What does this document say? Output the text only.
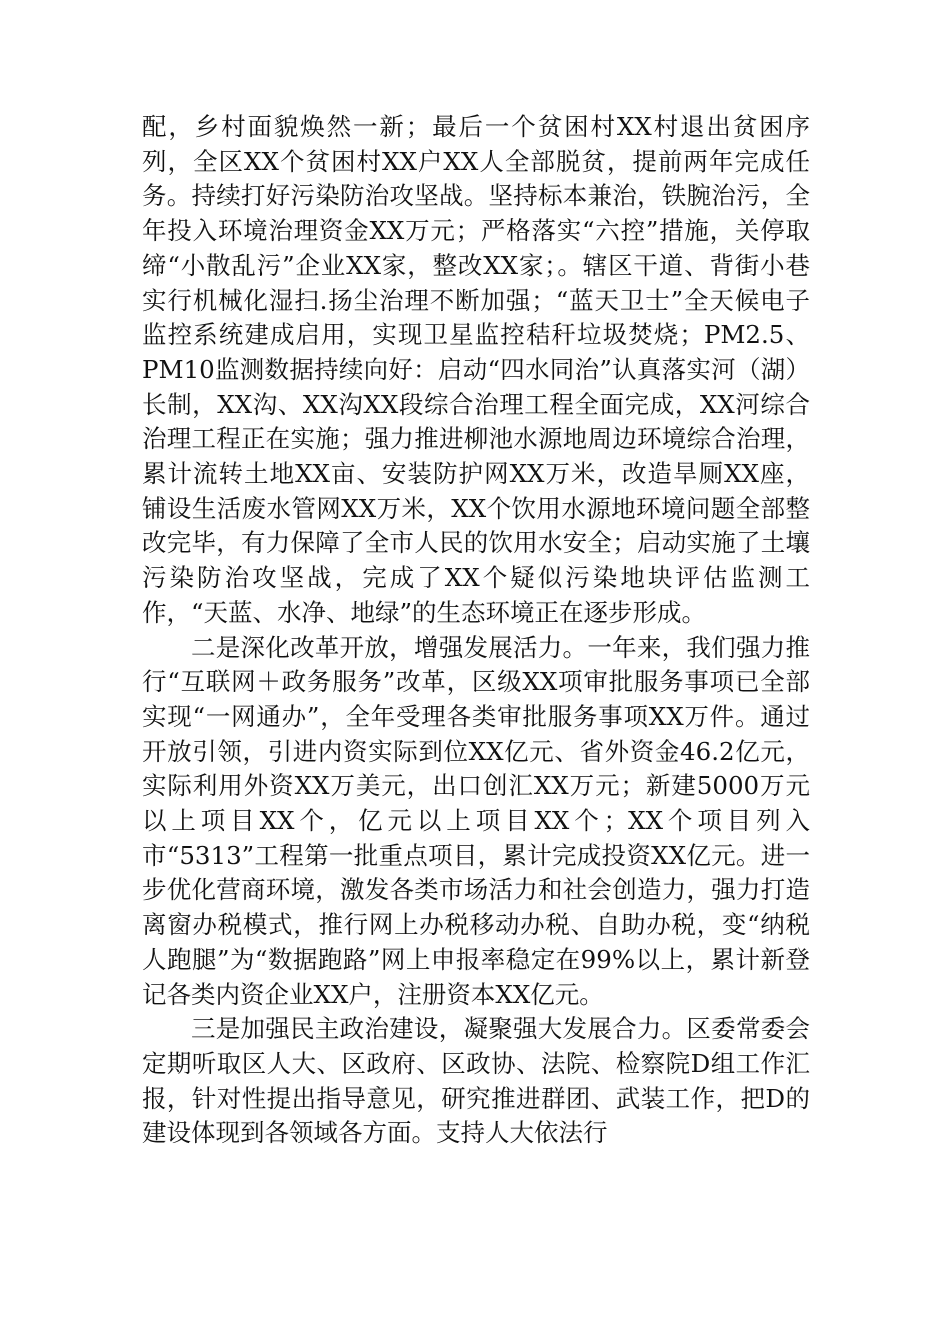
配，乡村面貌焕然一新；最后一个贫困村XX村退出贫困序列，全区XX个贫困村XX户XX人全部脱贫，提前两年完成任务。持续打好污染防治攻坚战。坚持标本兼治，铁腕治污，全年投入环境治理资金XX万元；严格落实“六控”措施，关停取缔“小散乱污”企业XX家，整改XX家；。辖区干道、背街小巷实行机械化湿扫.扬尘治理不断加强；“蓝天卫士”全天候电子监控系统建成启用，实现卫星监控秸秆垃圾焚烧；PM2.5、PM10监测数据持续向好：启动“四水同治”认真落实河（湖）长制，XX沟、XX沟XX段综合治理工程全面完成，XX河综合治理工程正在实施；强力推进柳池水源地周边环境综合治理，累计流转土地XX亩、安装防护网XX万米，改造旱厕XX座，铺设生活废水管网XX万米，XX个饮用水源地环境问题全部整改完毕，有力保障了全市人民的饮用水安全；启动实施了土壤污染防治攻坚战，完成了XX个疑似污染地块评估监测工作，“天蓝、水净、地绿”的生态环境正在逐步形成。

二是深化改革开放，增强发展活力。一年来，我们强力推行“互联网＋政务服务”改革，区级XX项审批服务事项已全部实现“一网通办”，全年受理各类审批服务事项XX万件。通过开放引领，引进内资实际到位XX亿元、省外资金46.2亿元，实际利用外资XX万美元，出口创汇XX万元；新建5000万元以上项目XX个，亿元以上项目XX个；XX个项目列入市“5313”工程第一批重点项目，累计完成投资XX亿元。进一步优化营商环境，激发各类市场活力和社会创造力，强力打造离窗办税模式，推行网上办税移动办税、自助办税，变“纳税人跑腿”为“数据跑路”网上申报率稳定在99%以上，累计新登记各类内资企业XX户，注册资本XX亿元。

三是加强民主政治建设，凝聚强大发展合力。区委常委会定期听取区人大、区政府、区政协、法院、检察院D组工作汇报，针对性提出指导意见，研究推进群团、武装工作，把D的建设体现到各领域各方面。支持人大依法行
